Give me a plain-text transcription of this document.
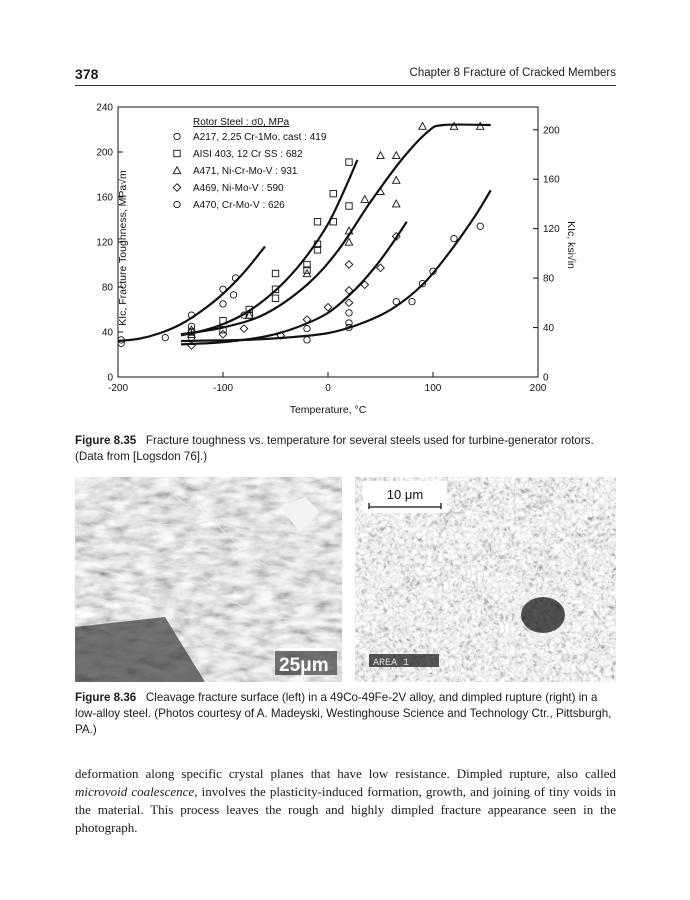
378	Chapter 8 Fracture of Cracked Members
-200	-100	0	100	200
0
40
80
120
160
200
240
0
40
80
120
160
200
Temperature, °C
KIc, Fracture Toughness, MPa√m	KIc, ksi√in
Rotor Steel : σ0, MPa
A217, 2.25 Cr-1Mo, cast : 419
AISI 403, 12 Cr SS : 682
A471, Ni-Cr-Mo-V : 931
A469, Ni-Mo-V : 590
A470, Cr-Mo-V : 626
Figure 8.35 Fracture toughness vs. temperature for several steels used for turbine-generator rotors. (Data from [Logsdon 76].)
25μm
10 μm
AREA 1
Figure 8.36 Cleavage fracture surface (left) in a 49Co-49Fe-2V alloy, and dimpled rupture (right) in a low-alloy steel. (Photos courtesy of A. Madeyski, Westinghouse Science and Technology Ctr., Pittsburgh, PA.)
deformation along specific crystal planes that have low resistance. Dimpled rupture, also called microvoid coalescence, involves the plasticity-induced formation, growth, and joining of tiny voids in the material. This process leaves the rough and highly dimpled fracture appearance seen in the photograph.
